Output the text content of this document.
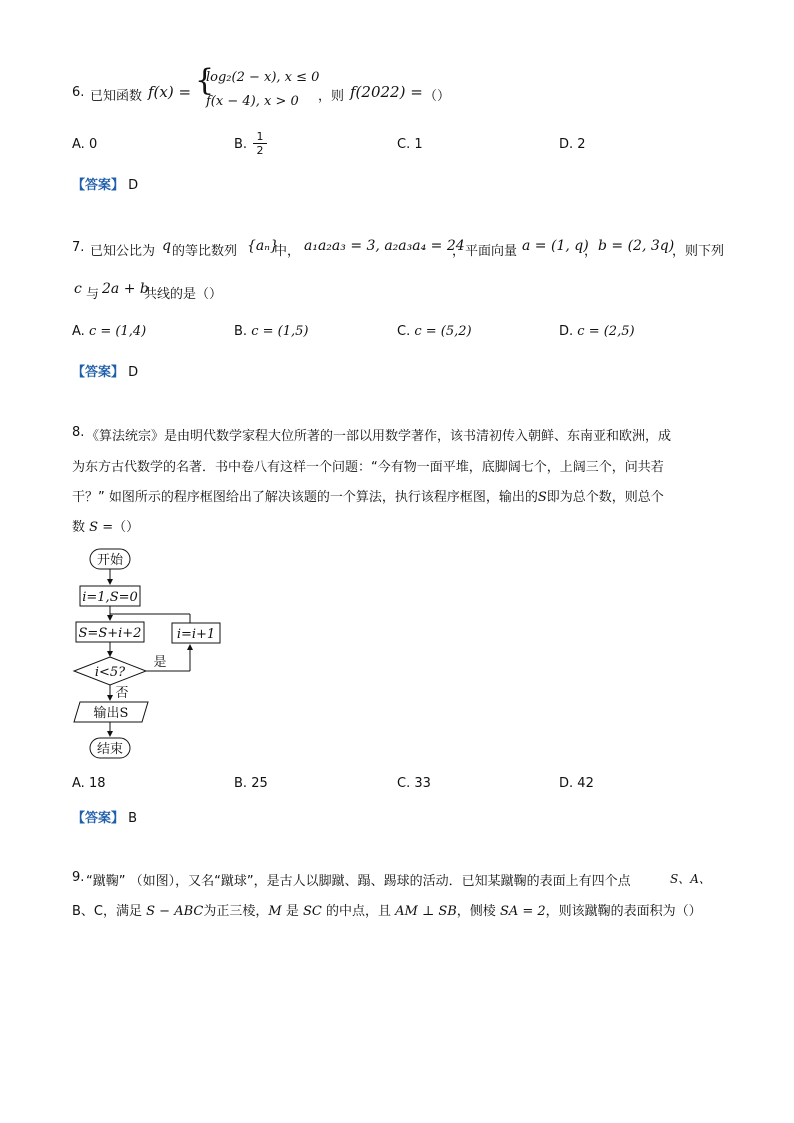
6. 已知函数 f(x) = {
log₂(2 − x), x ≤ 0
f(x − 4), x > 0 ，则 f(2022) = （）
A. 0	B. $\frac{1}{2}$	C. 1	D. 2
【答案】 D
7. 已知公比为 q 的等比数列 {aₙ}
中， a₁a₂a₃ = 3, a₂a₃a₄ = 24
，平面向量 a = (1, q)
， b = (2, 3q)
，则下列
c 与 2a + b
共线的是（）
A. c = (1,4)	B. c = (1,5)	C. c = (5,2)	D. c = (2,5)
【答案】 D
8. 《算法统宗》是由明代数学家程大位所著的一部以用数学著作，该书清初传入朝鲜、东南亚和欧洲，成
为东方古代数学的名著．书中卷八有这样一个问题：“今有物一面平堆，底脚阔七个，上阔三个，问共若
干？” 如图所示的程序框图给出了解决该题的一个算法，执行该程序框图，输出的S即为总个数，则总个
数 S =（）
开始
i=1,S=0
S=S+i+2	i=i+1
i<5?
是
否
输出S
结束
A. 18	B. 25	C. 33	D. 42
【答案】 B
9. “蹴鞠” （如图），又名“蹴球”，是古人以脚蹴、蹋、踢球的活动．已知某蹴鞠的表面上有四个点	S、A、
B、C，满足 S − ABC为正三棱，M 是 SC 的中点，且 AM ⊥ SB，侧棱 SA = 2，则该蹴鞠的表面积为（）
